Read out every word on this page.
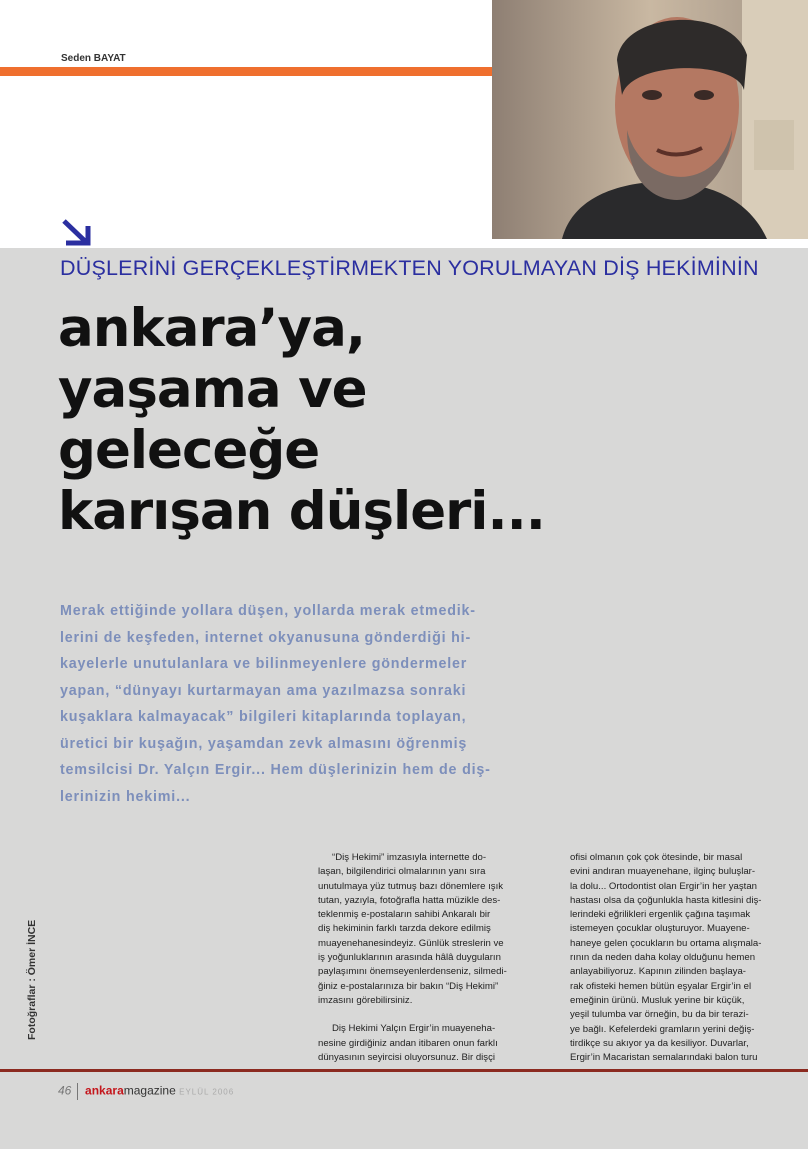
Seden BAYAT
DÜŞLERİNİ GERÇEKLEŞTİRMEKTEN YORULMAYAN DİŞ HEKİMİNİN
ankara’ya,
yaşama ve
geleceğe
karışan düşleri...
Merak ettiğinde yollara düşen, yollarda merak etmedik-
lerini de keşfeden, internet okyanusuna gönderdiği hi-
kayelerle unutulanlara ve bilinmeyenlere göndermeler
yapan, “dünyayı kurtarmayan ama yazılmazsa sonraki
kuşaklara kalmayacak” bilgileri kitaplarında toplayan,
üretici bir kuşağın, yaşamdan zevk almasını öğrenmiş
temsilcisi Dr. Yalçın Ergir... Hem düşlerinizin hem de diş-
lerinizin hekimi...
“Diş Hekimi” imzasıyla internette do-
laşan, bilgilendirici olmalarının yanı sıra
unutulmaya yüz tutmuş bazı dönemlere ışık
tutan, yazıyla, fotoğrafla hatta müzikle des-
teklenmiş e-postaların sahibi Ankaralı bir
diş hekiminin farklı tarzda dekore edilmiş
muayenehanesindeyiz. Günlük streslerin ve
iş yoğunluklarının arasında hâlâ duyguların
paylaşımını önemseyenlerdenseniz, silmedi-
ğiniz e-postalarınıza bir bakın “Diş Hekimi”
imzasını görebilirsiniz.
Diş Hekimi Yalçın Ergir’in muayeneha-
nesine girdiğiniz andan itibaren onun farklı
dünyasının seyircisi oluyorsunuz. Bir dişçi
ofisi olmanın çok çok ötesinde, bir masal
evini andıran muayenehane, ilginç buluşlar-
la dolu... Ortodontist olan Ergir’in her yaştan
hastası olsa da çoğunlukla hasta kitlesini diş-
lerindeki eğrilikleri ergenlik çağına taşımak
istemeyen çocuklar oluşturuyor. Muayene-
haneye gelen çocukların bu ortama alışmala-
rının da neden daha kolay olduğunu hemen
anlayabiliyoruz. Kapının zilinden başlaya-
rak ofisteki hemen bütün eşyalar Ergir’in el
emeğinin ürünü. Musluk yerine bir küçük,
yeşil tulumba var örneğin, bu da bir terazi-
ye bağlı. Kefelerdeki gramların yerini değiş-
tirdikçe su akıyor ya da kesiliyor. Duvarlar,
Ergir’in Macaristan semalarındaki balon turu
Fotoğraflar : Ömer İNCE
46 ankaramagazine EYLÜL 2006
